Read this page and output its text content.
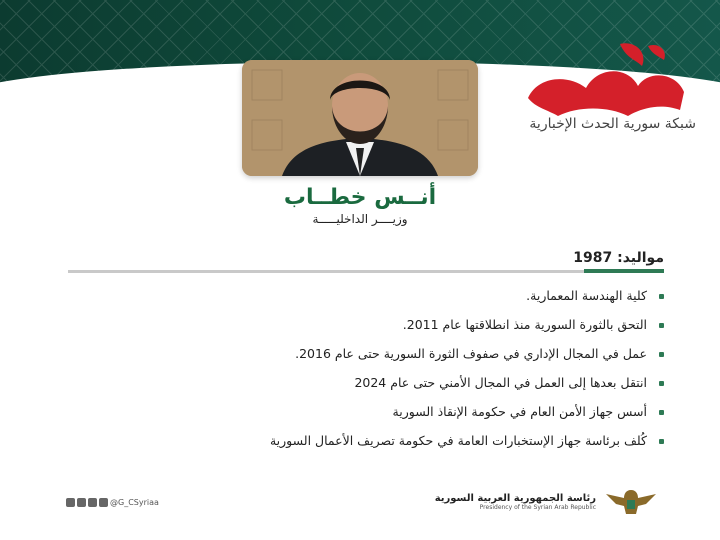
شبكة سورية الحدث الإخبارية
أنــس خطــاب
وزيــــر الداخليـــــة
مواليد: 1987
كلية الهندسة المعمارية.
التحق بالثورة السورية منذ انطلاقتها عام 2011.
عمل في المجال الإداري في صفوف الثورة السورية حتى عام 2016.
انتقل بعدها إلى العمل في المجال الأمني حتى عام 2024
أسس جهاز الأمن العام في حكومة الإنقاذ السورية
كُلف برئاسة جهاز الإستخبارات العامة في حكومة تصريف الأعمال السورية
@G_CSyriaa	رئاسة الجمهورية العربية السورية
Presidency of the Syrian Arab Republic
